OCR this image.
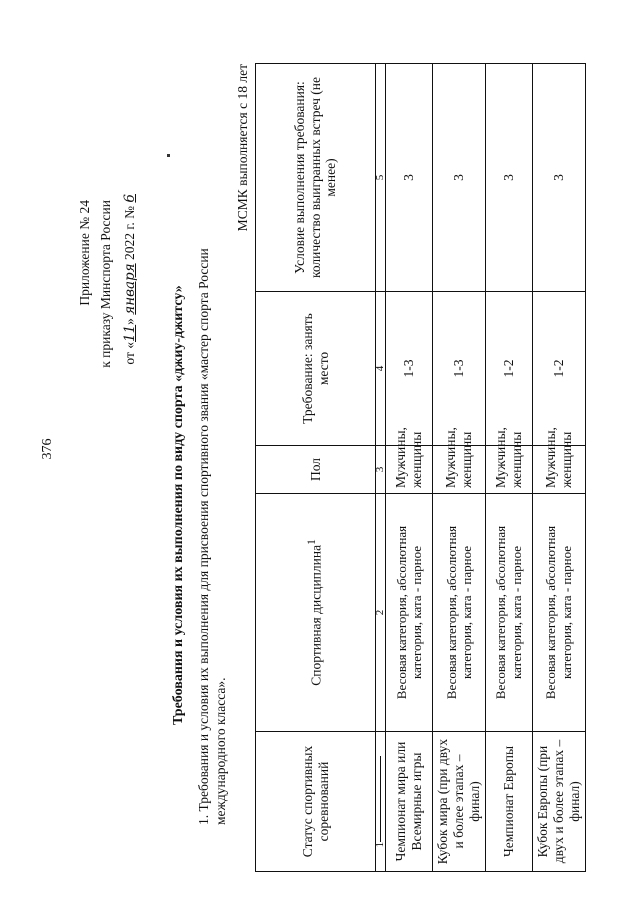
376
Приложение № 24 к приказу Минспорта России от «11» января 2022 г. № 6
Требования и условия их выполнения по виду спорта «джиу-джитсу» 1. Требования и условия их выполнения для присвоения спортивного звания «мастер спорта России международного класса».
МСМК выполняется с 18 лет
Статус спортивных соревнований	Спортивная дисциплина$^1$	Пол	Требование: занять место	Условие выполнения требования: количество выигранных встреч (не менее)
1	2	3	4	5
Чемпионат мира или Всемирные игры	Весовая категория, абсолютная категория, ката - парное	Мужчины, женщины	1-3	3
Кубок мира (при двух и более этапах – финал)	Весовая категория, абсолютная категория, ката - парное	Мужчины, женщины	1-3	3
Чемпионат Европы	Весовая категория, абсолютная категория, ката - парное	Мужчины, женщины	1-2	3
Кубок Европы (при двух и более этапах – финал)	Весовая категория, абсолютная категория, ката - парное	Мужчины, женщины	1-2	3
